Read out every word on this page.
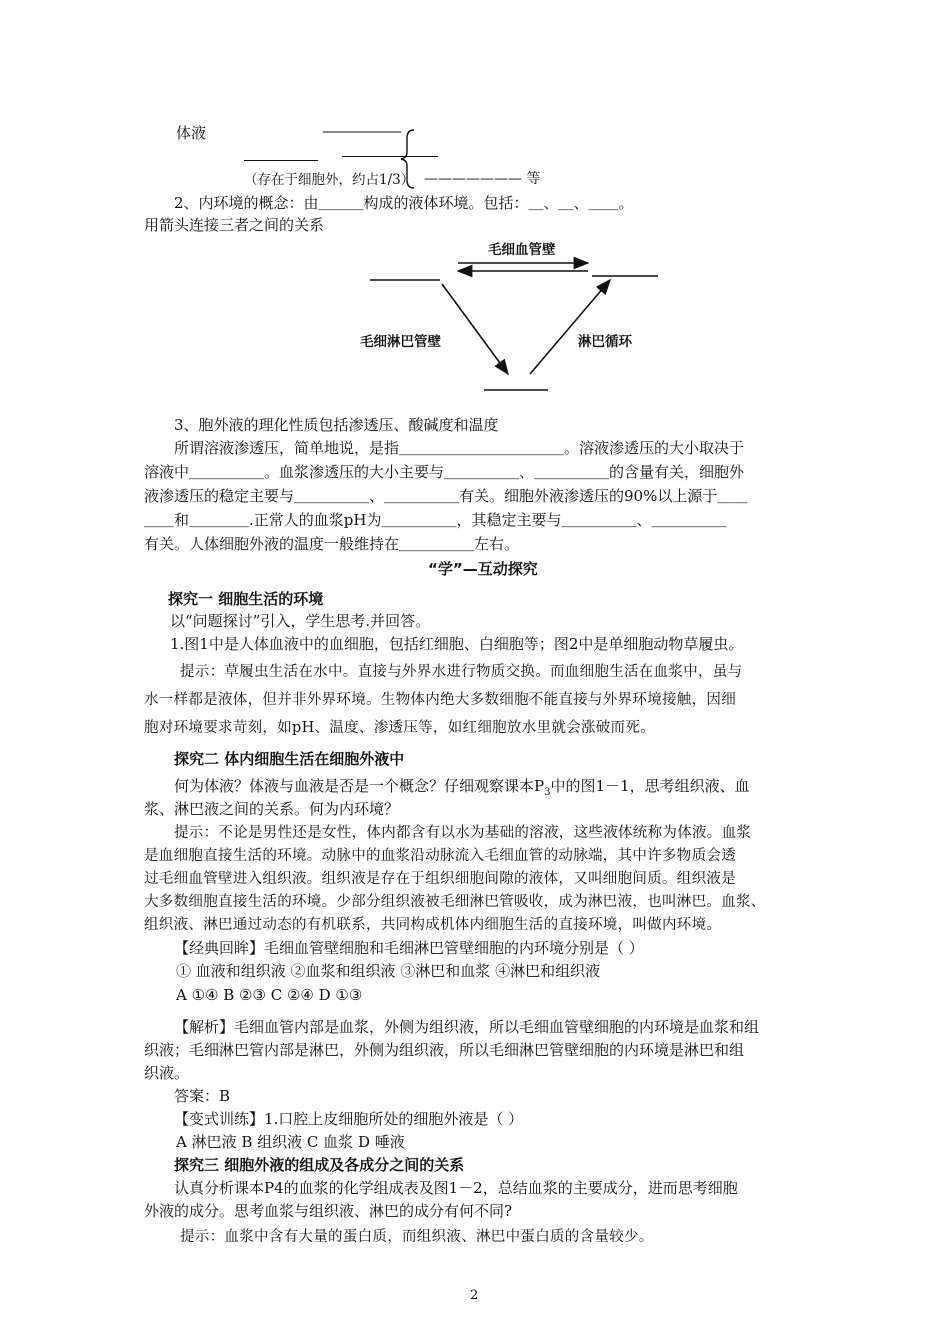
体液	——————
（存在于细胞外，约占1/3） ——————— 等
2、内环境的概念：由＿＿＿构成的液体环境。包括：＿、＿、＿＿。
用箭头连接三者之间的关系
毛细血管壁
毛细淋巴管壁	淋巴循环
3、胞外液的理化性质包括渗透压、酸碱度和温度
所谓溶液渗透压，简单地说，是指＿＿＿＿＿＿＿＿＿＿＿。溶液渗透压的大小取决于
溶液中＿＿＿＿＿。血浆渗透压的大小主要与＿＿＿＿＿、＿＿＿＿＿的含量有关，细胞外
液渗透压的稳定主要与＿＿＿＿＿、＿＿＿＿＿有关。细胞外液渗透压的90%以上源于＿＿
＿＿和＿＿＿＿.正常人的血浆pH为＿＿＿＿＿，其稳定主要与＿＿＿＿＿、＿＿＿＿＿
有关。人体细胞外液的温度一般维持在＿＿＿＿＿左右。
“学”—互动探究
探究一 细胞生活的环境
以“问题探讨”引入，学生思考.并回答。
1.图1中是人体血液中的血细胞，包括红细胞、白细胞等；图2中是单细胞动物草履虫。
提示：草履虫生活在水中。直接与外界水进行物质交换。而血细胞生活在血浆中，虽与
水一样都是液体，但并非外界环境。生物体内绝大多数细胞不能直接与外界环境接触，因细
胞对环境要求苛刻，如pH、温度、渗透压等，如红细胞放水里就会涨破而死。
探究二 体内细胞生活在细胞外液中
何为体液？体液与血液是否是一个概念？仔细观察课本$P_3$中的图1－1，思考组织液、血
浆、淋巴液之间的关系。何为内环境？
提示：不论是男性还是女性，体内都含有以水为基础的溶液，这些液体统称为体液。血浆
是血细胞直接生活的环境。动脉中的血浆沿动脉流入毛细血管的动脉端，其中许多物质会透
过毛细血管壁进入组织液。组织液是存在于组织细胞间隙的液体，又叫细胞间质。组织液是
大多数细胞直接生活的环境。少部分组织液被毛细淋巴管吸收，成为淋巴液，也叫淋巴。血浆、
组织液、淋巴通过动态的有机联系，共同构成机体内细胞生活的直接环境，叫做内环境。
【经典回眸】毛细血管壁细胞和毛细淋巴管壁细胞的内环境分别是（ ）
① 血液和组织液 ②血浆和组织液 ③淋巴和血浆 ④淋巴和组织液
A ①④ B ②③ C ②④ D ①③
【解析】毛细血管内部是血浆，外侧为组织液，所以毛细血管壁细胞的内环境是血浆和组
织液；毛细淋巴管内部是淋巴，外侧为组织液，所以毛细淋巴管壁细胞的内环境是淋巴和组
织液。
答案：B
【变式训练】1.口腔上皮细胞所处的细胞外液是（ ）
A 淋巴液 B 组织液 C 血浆 D 唾液
探究三 细胞外液的组成及各成分之间的关系
认真分析课本P4的血浆的化学组成表及图1－2，总结血浆的主要成分，进而思考细胞
外液的成分。思考血浆与组织液、淋巴的成分有何不同?
提示：血浆中含有大量的蛋白质，而组织液、淋巴中蛋白质的含量较少。
2
